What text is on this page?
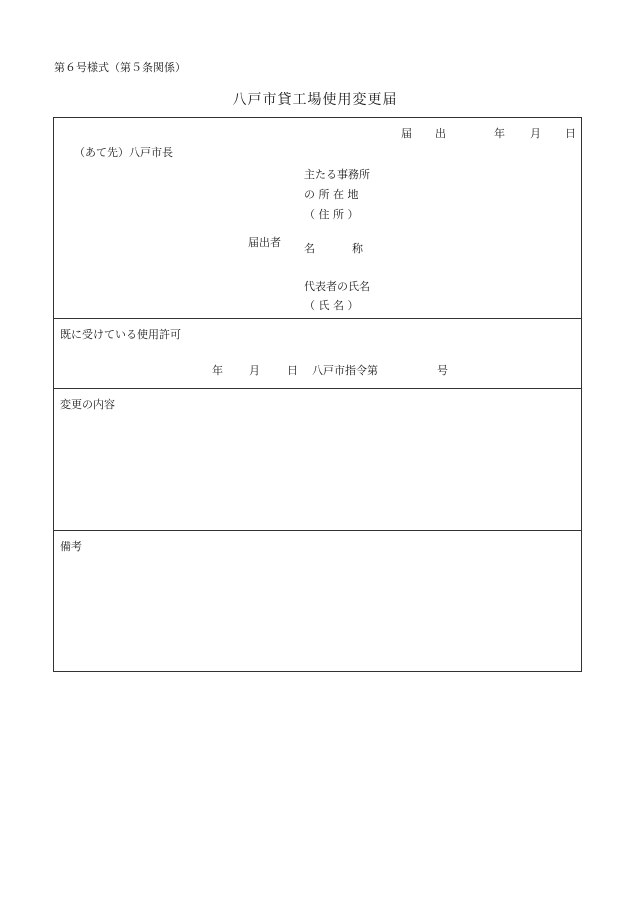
第６号様式（第５条関係）
八戸市貸工場使用変更届
届　出	年 月 日
（あて先）八戸市長
主たる事務所
の 所 在 地
（ 住 所 ）
届出者 名	称
代表者の氏名
（ 氏 名 ）
既に受けている使用許可
年 月 日 八戸市指令第	号
変更の内容
備考
